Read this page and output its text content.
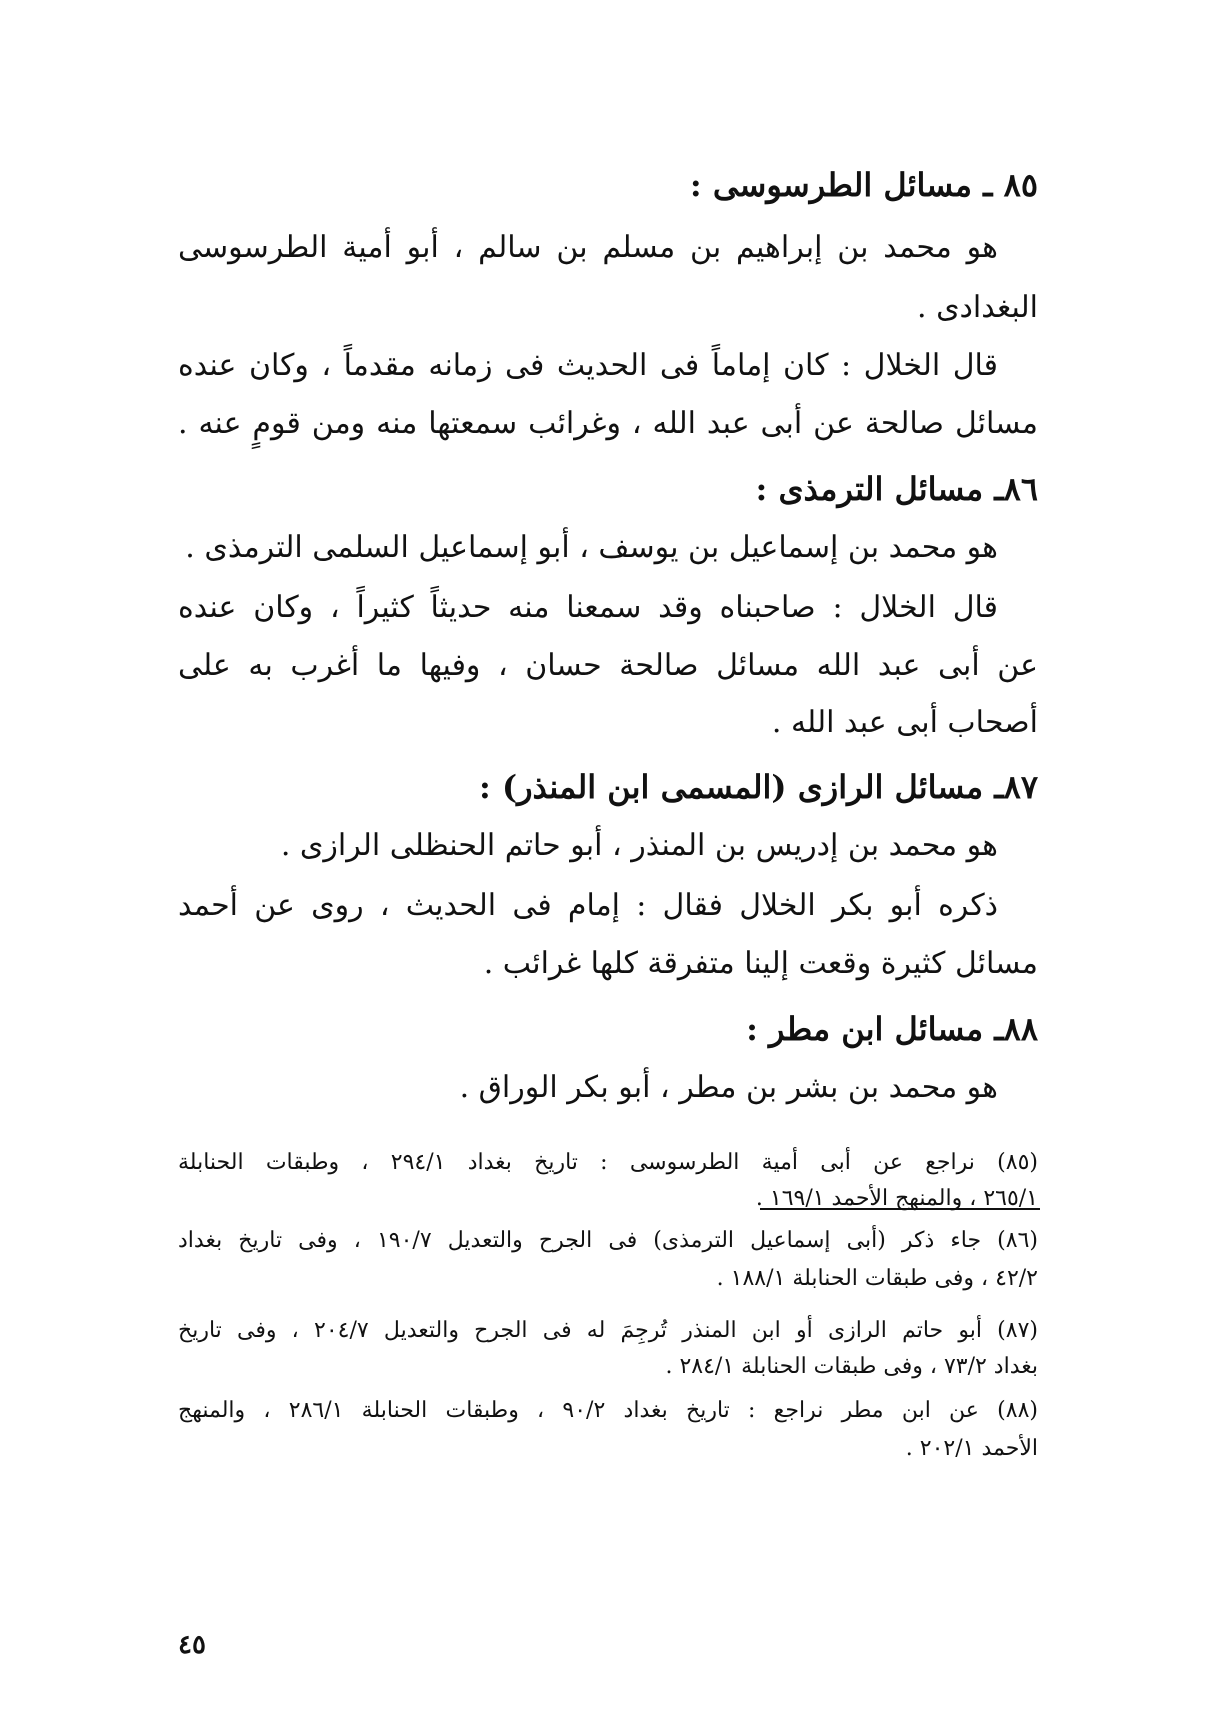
٨٥ ـ مسائل الطرسوسى :
هو محمد بن إبراهيم بن مسلم بن سالم ، أبو أمية الطرسوسى
البغدادى .
قال الخلال : كان إماماً فى الحديث فى زمانه مقدماً ، وكان عنده
مسائل صالحة عن أبى عبد الله ، وغرائب سمعتها منه ومن قومٍ عنه .
٨٦ـ مسائل الترمذى :
هو محمد بن إسماعيل بن يوسف ، أبو إسماعيل السلمى الترمذى .
قال الخلال : صاحبناه وقد سمعنا منه حديثاً كثيراً ، وكان عنده
عن أبى عبد الله مسائل صالحة حسان ، وفيها ما أغرب به على
أصحاب أبى عبد الله .
٨٧ـ مسائل الرازى (المسمى ابن المنذر) :
هو محمد بن إدريس بن المنذر ، أبو حاتم الحنظلى الرازى .
ذكره أبو بكر الخلال فقال : إمام فى الحديث ، روى عن أحمد
مسائل كثيرة وقعت إلينا متفرقة كلها غرائب .
٨٨ـ مسائل ابن مطر :
هو محمد بن بشر بن مطر ، أبو بكر الوراق .
(٨٥) نراجع عن أبى أمية الطرسوسى : تاريخ بغداد ٢٩٤/١ ، وطبقات الحنابلة
٢٦٥/١ ، والمنهج الأحمد ١٦٩/١ .
(٨٦) جاء ذكر (أبى إسماعيل الترمذى) فى الجرح والتعديل ١٩٠/٧ ، وفى تاريخ بغداد
٤٢/٢ ، وفى طبقات الحنابلة ١٨٨/١ .
(٨٧) أبو حاتم الرازى أو ابن المنذر تُرجِمَ له فى الجرح والتعديل ٢٠٤/٧ ، وفى تاريخ
بغداد ٧٣/٢ ، وفى طبقات الحنابلة ٢٨٤/١ .
(٨٨) عن ابن مطر نراجع : تاريخ بغداد ٩٠/٢ ، وطبقات الحنابلة ٢٨٦/١ ، والمنهج
الأحمد ٢٠٢/١ .
٤٥
